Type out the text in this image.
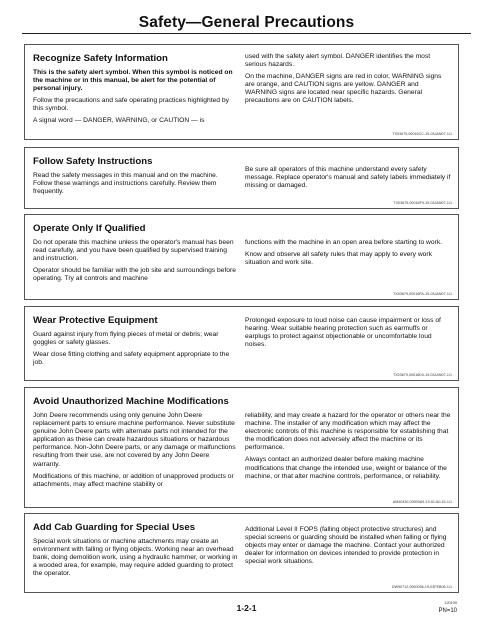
Safety—General Precautions
Recognize Safety Information

This is the safety alert symbol. When this symbol is noticed on the machine or in this manual, be alert for the potential of personal injury.

Follow the precautions and safe operating practices highlighted by this symbol.

A signal word — DANGER, WARNING, or CAUTION — is

used with the safety alert symbol. DANGER identifies the most serious hazards.

On the machine, DANGER signs are red in color, WARNING signs are orange, and CAUTION signs are yellow. DANGER and WARNING signs are located near specific hazards. General precautions are on CAUTION labels.

TX03679,00016CC-19-03JAN07-1/1
Follow Safety Instructions

Read the safety messages in this manual and on the machine. Follow these warnings and instructions carefully. Review them frequently.

Be sure all operators of this machine understand every safety message. Replace operator's manual and safety labels immediately if missing or damaged.

TX03679,00016F9-19-03JAN07-1/1
Operate Only If Qualified

Do not operate this machine unless the operator's manual has been read carefully, and you have been qualified by supervised training and instruction.

Operator should be familiar with the job site and surroundings before operating. Try all controls and machine

functions with the machine in an open area before starting to work.

Know and observe all safety rules that may apply to every work situation and work site.

TX03679,00016FA-19-03JAN07-1/1
Wear Protective Equipment

Guard against injury from flying pieces of metal or debris; wear goggles or safety glasses.

Wear close fitting clothing and safety equipment appropriate to the job.

Prolonged exposure to loud noise can cause impairment or loss of hearing. Wear suitable hearing protection such as earmuffs or earplugs to protect against objectionable or uncomfortable loud noises.

TX03679,00016D0-19-03JAN07-1/1
Avoid Unauthorized Machine Modifications

John Deere recommends using only genuine John Deere replacement parts to ensure machine performance. Never substitute genuine John Deere parts with alternate parts not intended for the application as these can create hazardous situations or hazardous performance. Non-John Deere parts, or any damage or malfunctions resulting from their use, are not covered by any John Deere warranty.

Modifications of this machine, or addition of unapproved products or attachments, may affect machine stability or

reliability, and may create a hazard for the operator or others near the machine. The installer of any modification which may affect the electronic controls of this machine is responsible for establishing that the modification does not adversely affect the machine or its performance.

Always contact an authorized dealer before making machine modifications that change the intended use, weight or balance of the machine, or that alter machine controls, performance, or reliability.

AM40430,00000A9-19-01JUL15-1/1
Add Cab Guarding for Special Uses

Special work situations or machine attachments may create an environment with falling or flying objects. Working near an overhead bank, doing demolition work, using a hydraulic hammer, or working in a wooded area, for example, may require added guarding to protect the operator.

Additional Level II FOPS (falling object protective structures) and special screens or guarding should be installed when falling or flying objects may enter or damage the machine. Contact your authorized dealer for information on devices intended to provide protection in special work situations.

DW90712,0000056-19-03FEB06-1/1
1-2-1	120109
PN=10
